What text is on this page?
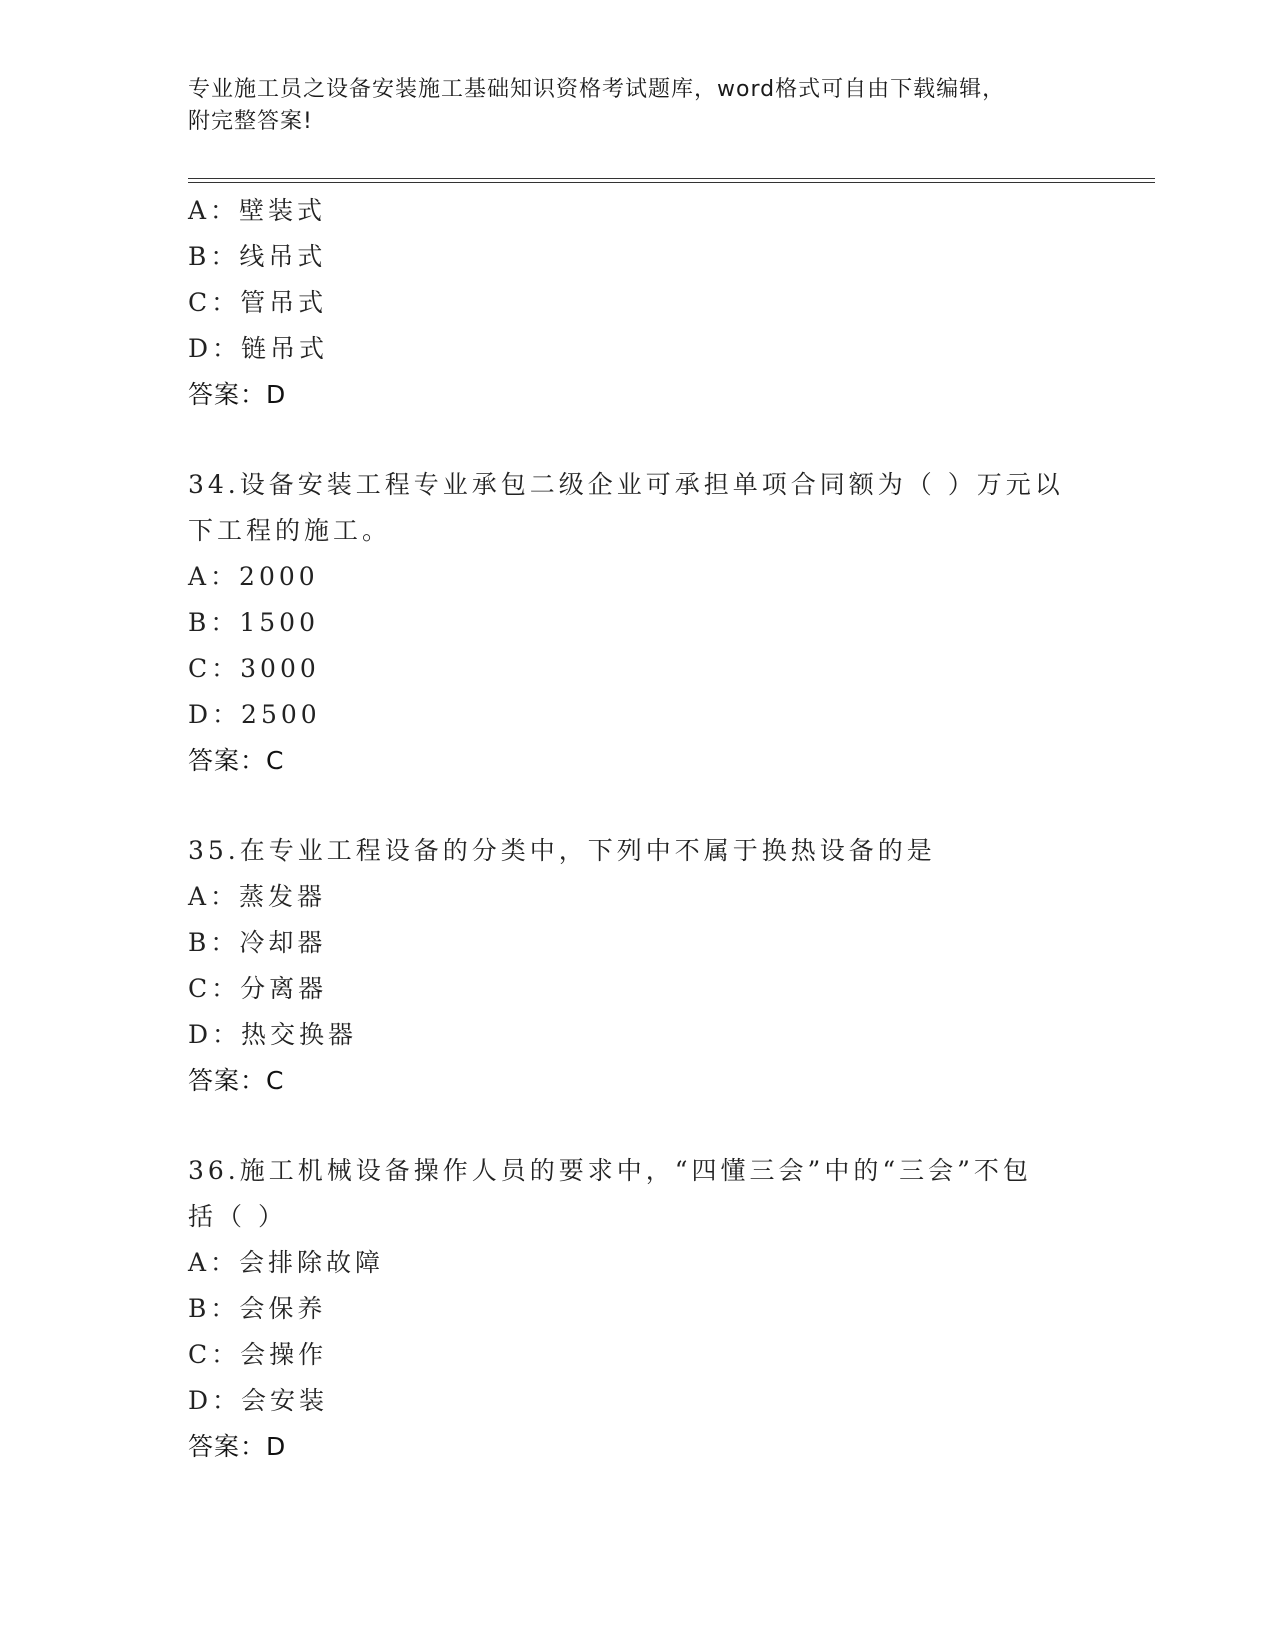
专业施工员之设备安装施工基础知识资格考试题库，word格式可自由下载编辑，
附完整答案!
A：壁装式
B：线吊式
C：管吊式
D：链吊式
答案：D
34.设备安装工程专业承包二级企业可承担单项合同额为（ ）万元以
下工程的施工。
A：2000
B：1500
C：3000
D：2500
答案：C
35.在专业工程设备的分类中，下列中不属于换热设备的是
A：蒸发器
B：冷却器
C：分离器
D：热交换器
答案：C
36.施工机械设备操作人员的要求中，“四懂三会”中的“三会”不包
括（ ）
A：会排除故障
B：会保养
C：会操作
D：会安装
答案：D
